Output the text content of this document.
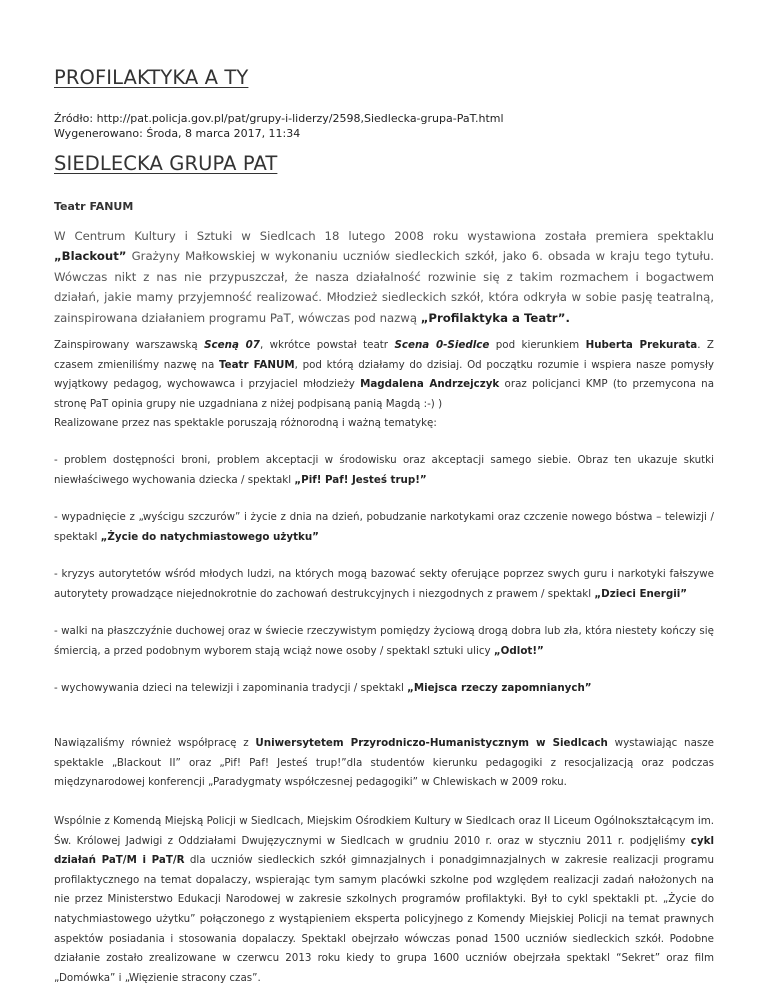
PROFILAKTYKA A TY
Źródło: http://pat.policja.gov.pl/pat/grupy-i-liderzy/2598,Siedlecka-grupa-PaT.html
Wygenerowano: Środa, 8 marca 2017, 11:34
SIEDLECKA GRUPA PAT
Teatr FANUM

W Centrum Kultury i Sztuki w Siedlcach 18 lutego 2008 roku wystawiona została premiera spektaklu „Blackout” Grażyny Małkowskiej w wykonaniu uczniów siedleckich szkół, jako 6. obsada w kraju tego tytułu. Wówczas nikt z nas nie przypuszczał, że nasza działalność rozwinie się z takim rozmachem i bogactwem działań, jakie mamy przyjemność realizować. Młodzież siedleckich szkół, która odkryła w sobie pasję teatralną, zainspirowana działaniem programu PaT, wówczas pod nazwą „Profilaktyka a Teatr”.

Zainspirowany warszawską Sceną 07, wkrótce powstał teatr Scena 0-Siedlce pod kierunkiem Huberta Prekurata. Z czasem zmieniliśmy nazwę na Teatr FANUM, pod którą działamy do dzisiaj. Od początku rozumie i wspiera nasze pomysły wyjątkowy pedagog, wychowawca i przyjaciel młodzieży Magdalena Andrzejczyk oraz policjanci KMP (to przemycona na stronę PaT opinia grupy nie uzgadniana z niżej podpisaną panią Magdą :-) )

Realizowane przez nas spektakle poruszają różnorodną i ważną tematykę:

- problem dostępności broni, problem akceptacji w środowisku oraz akceptacji samego siebie. Obraz ten ukazuje skutki niewłaściwego wychowania dziecka / spektakl „Pif! Paf! Jesteś trup!”

- wypadnięcie z „wyścigu szczurów” i życie z dnia na dzień, pobudzanie narkotykami oraz czczenie nowego bóstwa – telewizji / spektakl „Życie do natychmiastowego użytku”

- kryzys autorytetów wśród młodych ludzi, na których mogą bazować sekty oferujące poprzez swych guru i narkotyki fałszywe autorytety prowadzące niejednokrotnie do zachowań destrukcyjnych i niezgodnych z prawem / spektakl „Dzieci Energii”

- walki na płaszczyźnie duchowej oraz w świecie rzeczywistym pomiędzy życiową drogą dobra lub zła, która niestety kończy się śmiercią, a przed podobnym wyborem stają wciąż nowe osoby / spektakl sztuki ulicy „Odlot!”

- wychowywania dzieci na telewizji i zapominania tradycji / spektakl „Miejsca rzeczy zapomnianych”

Nawiązaliśmy również współpracę z Uniwersytetem Przyrodniczo-Humanistycznym w Siedlcach wystawiając nasze spektakle „Blackout II” oraz „Pif! Paf! Jesteś trup!”dla studentów kierunku pedagogiki z resocjalizacją oraz podczas międzynarodowej konferencji „Paradygmaty współczesnej pedagogiki” w Chlewiskach w 2009 roku.

Wspólnie z Komendą Miejską Policji w Siedlcach, Miejskim Ośrodkiem Kultury w Siedlcach oraz II Liceum Ogólnokształcącym im. Św. Królowej Jadwigi z Oddziałami Dwujęzycznymi w Siedlcach w grudniu 2010 r. oraz w styczniu 2011 r. podjęliśmy cykl działań PaT/M i PaT/R dla uczniów siedleckich szkół gimnazjalnych i ponadgimnazjalnych w zakresie realizacji programu profilaktycznego na temat dopalaczy, wspierając tym samym placówki szkolne pod względem realizacji zadań nałożonych na nie przez Ministerstwo Edukacji Narodowej w zakresie szkolnych programów profilaktyki. Był to cykl spektakli pt. „Życie do natychmiastowego użytku” połączonego z wystąpieniem eksperta policyjnego z Komendy Miejskiej Policji na temat prawnych aspektów posiadania i stosowania dopalaczy. Spektakl obejrzało wówczas ponad 1500 uczniów siedleckich szkół. Podobne działanie zostało zrealizowane w czerwcu 2013 roku kiedy to grupa 1600 uczniów obejrzała spektakl “Sekret” oraz film „Domówka” i „Więzienie stracony czas”.
